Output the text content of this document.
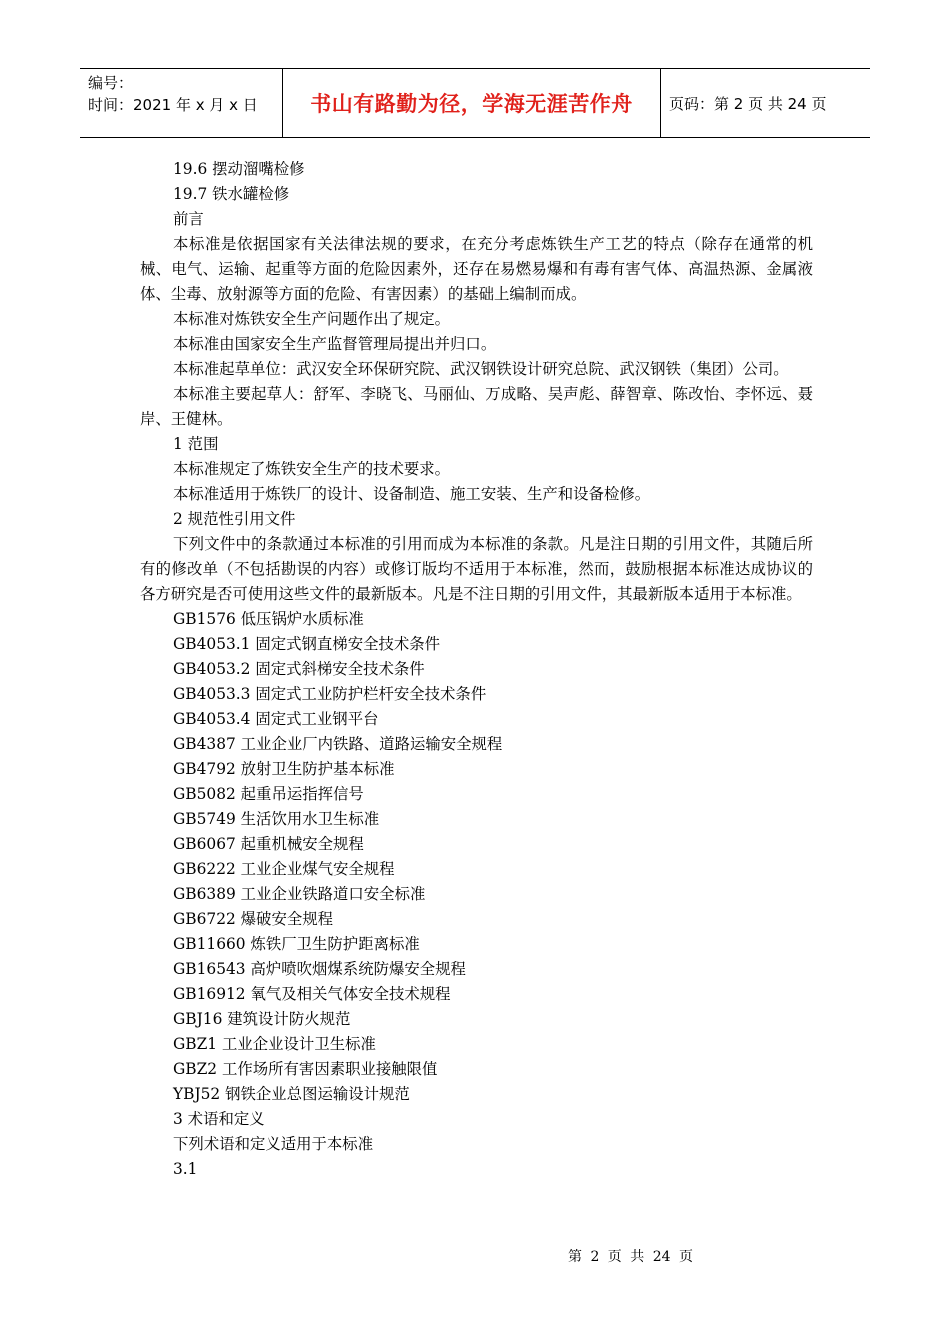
编号：
时间：2021 年 x 月 x 日	书山有路勤为径，学海无涯苦作舟	页码：第 2 页 共 24 页

19.6 摆动溜嘴检修

19.7 铁水罐检修

前言

本标准是依据国家有关法律法规的要求，在充分考虑炼铁生产工艺的特点（除存在通常的机械、电气、运输、起重等方面的危险因素外，还存在易燃易爆和有毒有害气体、高温热源、金属液体、尘毒、放射源等方面的危险、有害因素）的基础上编制而成。

本标准对炼铁安全生产问题作出了规定。

本标准由国家安全生产监督管理局提出并归口。

本标准起草单位：武汉安全环保研究院、武汉钢铁设计研究总院、武汉钢铁（集团）公司。

本标准主要起草人：舒军、李晓飞、马丽仙、万成略、吴声彪、薛智章、陈改怡、李怀远、聂岸、王健林。

1 范围

本标准规定了炼铁安全生产的技术要求。

本标准适用于炼铁厂的设计、设备制造、施工安装、生产和设备检修。

2 规范性引用文件

下列文件中的条款通过本标准的引用而成为本标准的条款。凡是注日期的引用文件，其随后所有的修改单（不包括勘误的内容）或修订版均不适用于本标准，然而，鼓励根据本标准达成协议的各方研究是否可使用这些文件的最新版本。凡是不注日期的引用文件，其最新版本适用于本标准。

GB1576 低压锅炉水质标准

GB4053.1 固定式钢直梯安全技术条件

GB4053.2 固定式斜梯安全技术条件

GB4053.3 固定式工业防护栏杆安全技术条件

GB4053.4 固定式工业钢平台

GB4387 工业企业厂内铁路、道路运输安全规程

GB4792 放射卫生防护基本标准

GB5082 起重吊运指挥信号

GB5749 生活饮用水卫生标准

GB6067 起重机械安全规程

GB6222 工业企业煤气安全规程

GB6389 工业企业铁路道口安全标准

GB6722 爆破安全规程

GB11660 炼铁厂卫生防护距离标准

GB16543 高炉喷吹烟煤系统防爆安全规程

GB16912 氧气及相关气体安全技术规程

GBJ16 建筑设计防火规范

GBZ1 工业企业设计卫生标准

GBZ2 工作场所有害因素职业接触限值

YBJ52 钢铁企业总图运输设计规范

3 术语和定义

下列术语和定义适用于本标准

3.1

第 2 页 共 24 页
